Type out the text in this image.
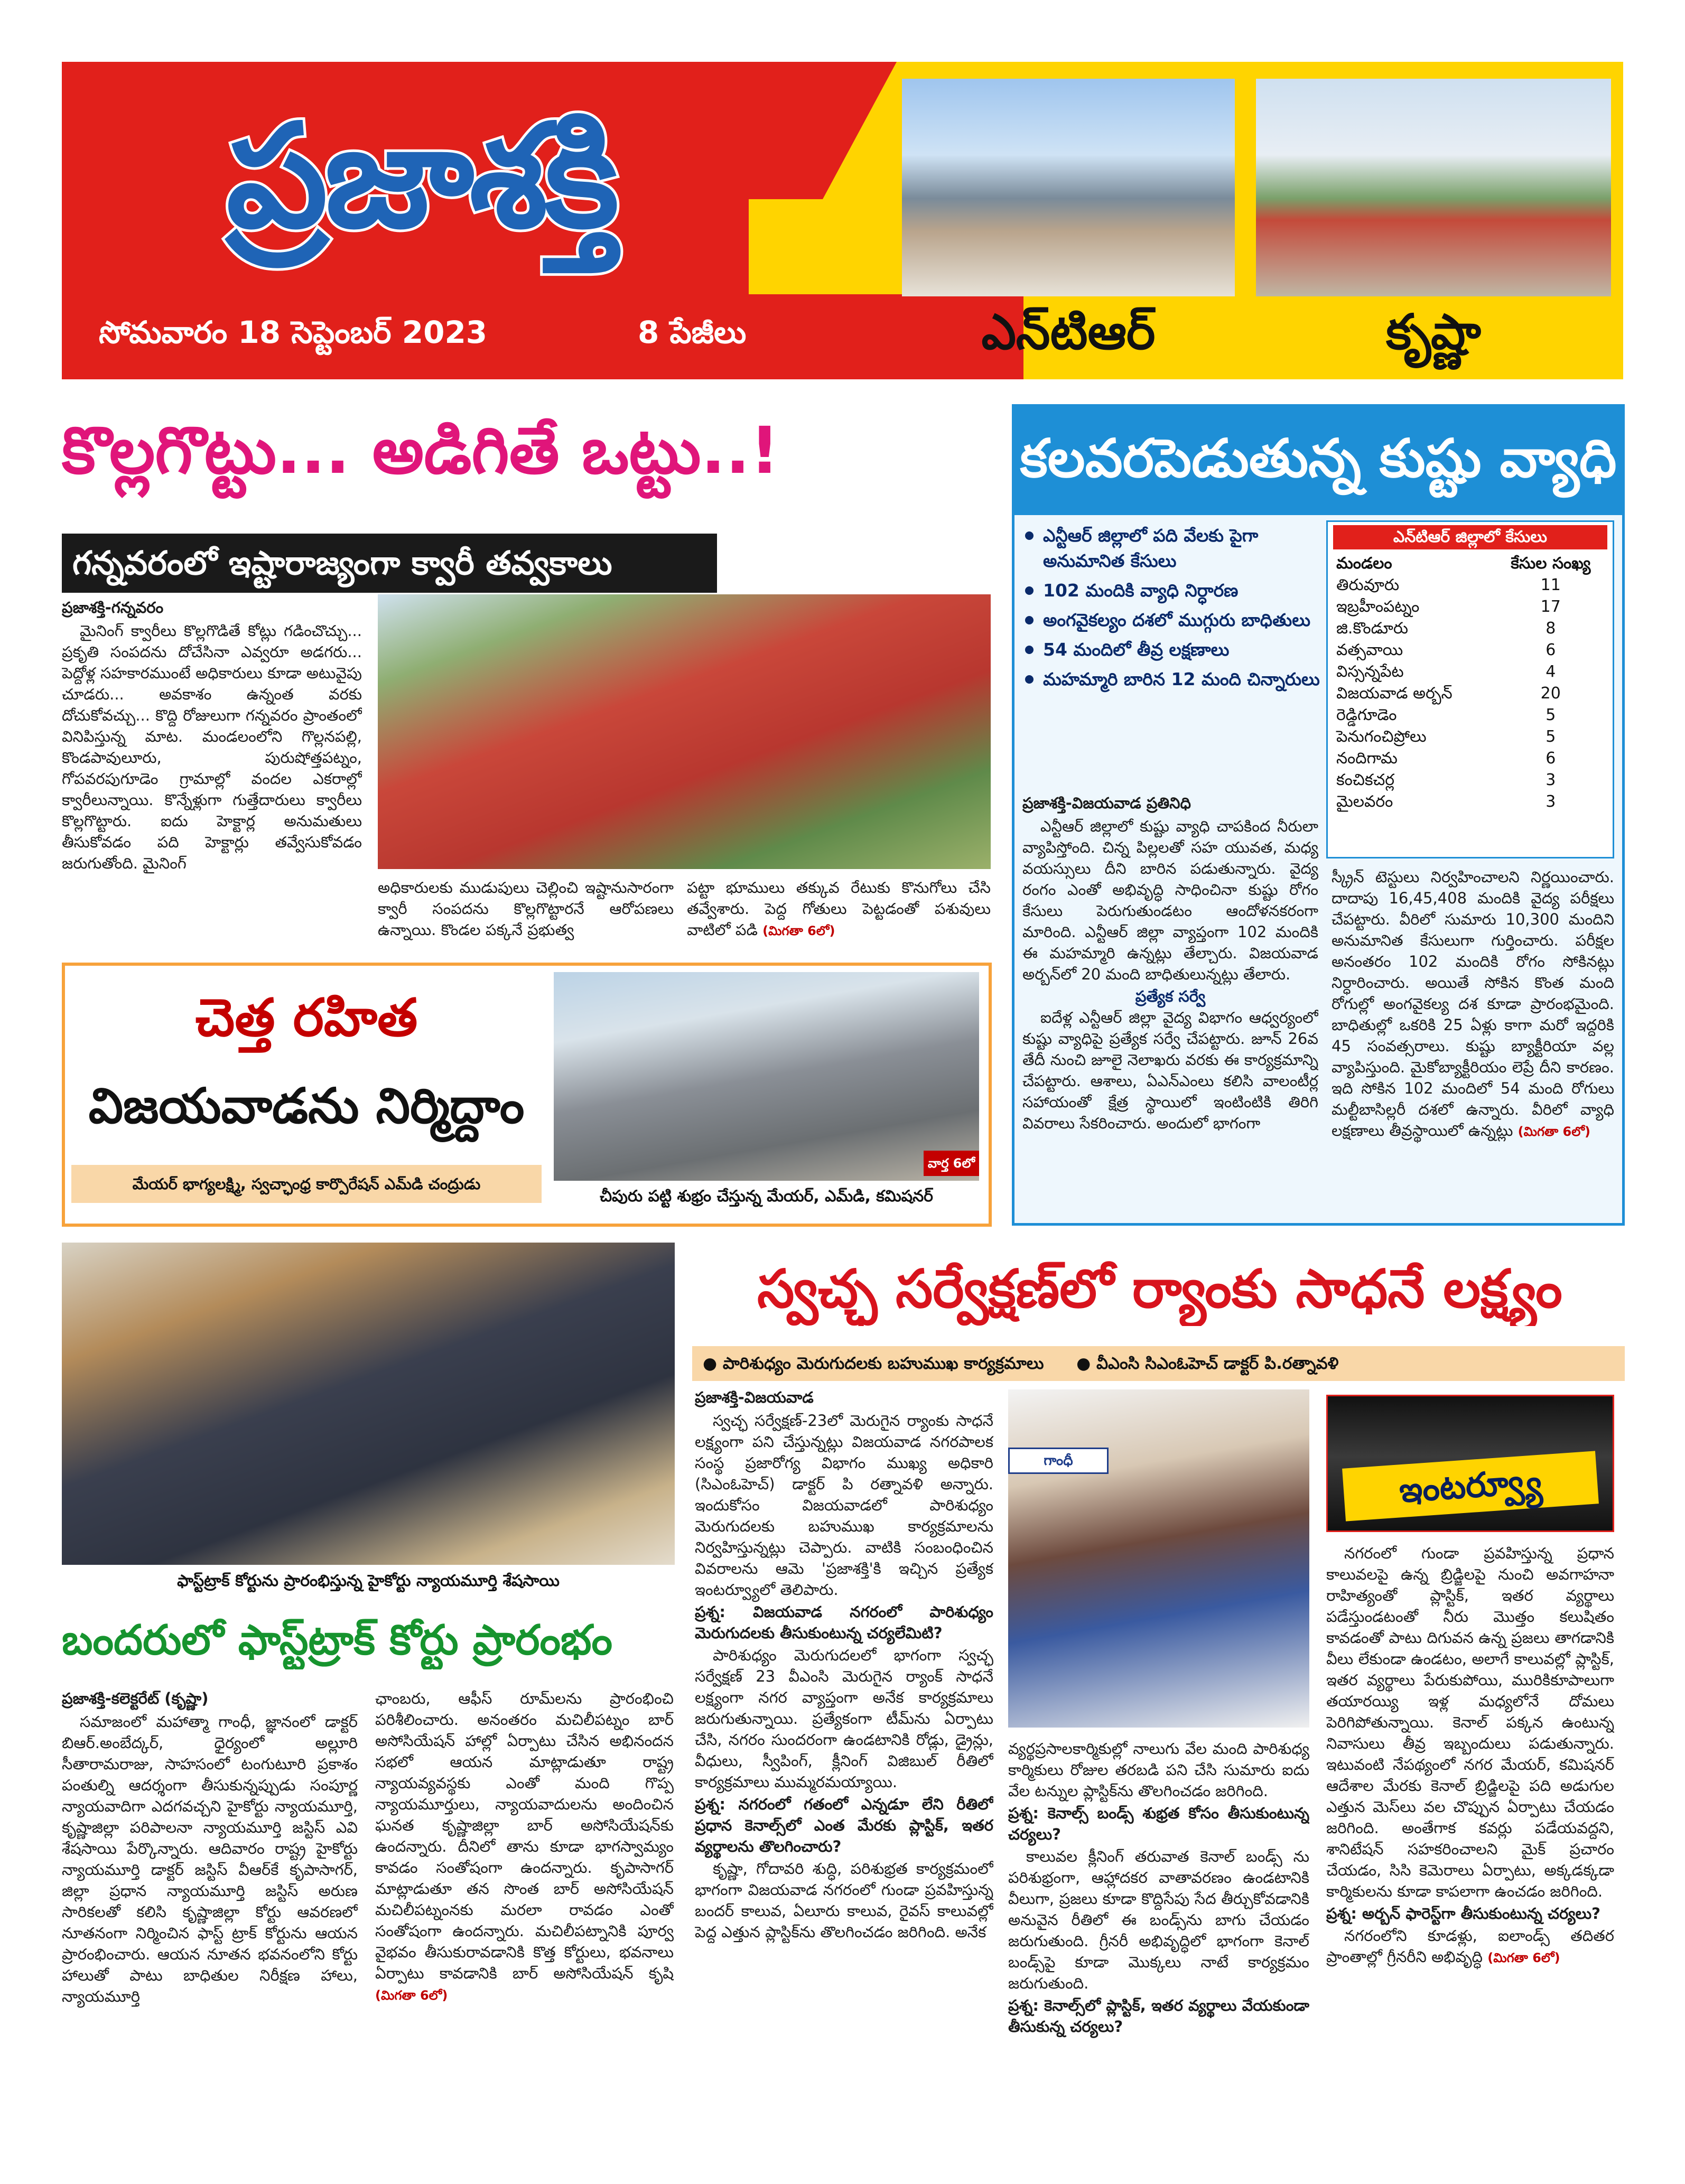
ప్రజాశక్తి
సోమవారం 18 సెప్టెంబర్ 2023	8 పేజీలు	ఎన్‌టిఆర్	కృష్ణా
కొల్లగొట్టు... అడిగితే ఒట్టు..!
గన్నవరంలో ఇష్టారాజ్యంగా క్వారీ తవ్వకాలు
ప్రజాశక్తి-గన్నవరం

మైనింగ్ క్వారీలు కొల్లగొడితే కోట్లు గడించొచ్చు... ప్రకృతి సంపదను దోచేసినా ఎవ్వరూ అడగరు... పెద్దోళ్ల సహకారముంటే అధికారులు కూడా అటువైపు చూడరు... అవకాశం ఉన్నంత వరకు దోచుకోవచ్చు... కొద్ది రోజులుగా గన్నవరం ప్రాంతంలో వినిపిస్తున్న మాట. మండలంలోని గొల్లనపల్లి, కొండపావులూరు, పురుషోత్తపట్నం, గోపవరపుగూడెం గ్రామాల్లో వందల ఎకరాల్లో క్వారీలున్నాయి. కొన్నేళ్లుగా గుత్తేదారులు క్వారీలు కొల్లగొట్టారు. ఐదు హెక్టార్ల అనుమతులు తీసుకోవడం పది హెక్టార్లు తవ్వేసుకోవడం జరుగుతోంది. మైనింగ్

అధికారులకు ముడుపులు చెల్లించి ఇష్టానుసారంగా క్వారీ సంపదను కొల్లగొట్టారనే ఆరోపణలు ఉన్నాయి. కొండల పక్కనే ప్రభుత్వ

పట్టా భూములు తక్కువ రేటుకు కొనుగోలు చేసి తవ్వేశారు. పెద్ద గోతులు పెట్టడంతో పశువులు వాటిలో పడి (మిగతా 6లో)

కలవరపెడుతున్న కుష్టు వ్యాధి
ఎన్టీఆర్ జిల్లాలో పది వేలకు పైగా అనుమానిత కేసులు
102 మందికి వ్యాధి నిర్ధారణ
అంగవైకల్యం దశలో ముగ్గురు బాధితులు
54 మందిలో తీవ్ర లక్షణాలు
మహమ్మారి బారిన 12 మంది చిన్నారులు
ఎన్‌టిఆర్ జిల్లాలో కేసులు
మండలం	కేసుల సంఖ్య
తిరువూరు	11
ఇబ్రహీంపట్నం	17
జి.కొండూరు	8
వత్సవాయి	6
విస్సన్నపేట	4
విజయవాడ అర్బన్	20
రెడ్డిగూడెం	5
పెనుగంచిప్రోలు	5
నందిగామ	6
కంచికచర్ల	3
మైలవరం	3
ప్రజాశక్తి-విజయవాడ ప్రతినిధి

ఎన్టీఆర్ జిల్లాలో కుష్టు వ్యాధి చాపకింద నీరులా వ్యాపిస్తోంది. చిన్న పిల్లలతో సహ యువత, మధ్య వయస్సులు దీని బారిన పడుతున్నారు. వైద్య రంగం ఎంతో అభివృద్ధి సాధించినా కుష్టు రోగం కేసులు పెరుగుతుండటం ఆందోళనకరంగా మారింది. ఎన్టీఆర్ జిల్లా వ్యాప్తంగా 102 మందికి ఈ మహమ్మారి ఉన్నట్లు తేల్చారు. విజయవాడ అర్బన్‌లో 20 మంది బాధితులున్నట్లు తేలారు.

ప్రత్యేక సర్వే

ఐదేళ్ల ఎన్టీఆర్ జిల్లా వైద్య విభాగం ఆధ్వర్యంలో కుష్టు వ్యాధిపై ప్రత్యేక సర్వే చేపట్టారు. జూన్ 26వ తేదీ నుంచి జూలై నెలాఖరు వరకు ఈ కార్యక్రమాన్ని చేపట్టారు. ఆశాలు, ఏఎన్ఎంలు కలిసి వాలంటీర్ల సహాయంతో క్షేత్ర స్థాయిలో ఇంటింటికి తిరిగి వివరాలు సేకరించారు. అందులో భాగంగా

స్క్రీన్ టెస్టులు నిర్వహించాలని నిర్ణయించారు. దాదాపు 16,45,408 మందికి వైద్య పరీక్షలు చేపట్టారు. వీరిలో సుమారు 10,300 మందిని అనుమానిత కేసులుగా గుర్తించారు. పరీక్షల అనంతరం 102 మందికి రోగం సోకినట్లు నిర్ధారించారు. అయితే సోకిన కొంత మంది రోగుల్లో అంగవైకల్య దశ కూడా ప్రారంభమైంది. బాధితుల్లో ఒకరికి 25 ఏళ్లు కాగా మరో ఇద్దరికి 45 సంవత్సరాలు. కుష్టు బ్యాక్టీరియా వల్ల వ్యాపిస్తుంది. మైకోబ్యాక్టీరియం లెప్రే దీని కారణం. ఇది సోకిన 102 మందిలో 54 మంది రోగులు మల్టీబాసిల్లరీ దశలో ఉన్నారు. వీరిలో వ్యాధి లక్షణాలు తీవ్రస్థాయిలో ఉన్నట్లు (మిగతా 6లో)

చెత్త రహిత
విజయవాడను నిర్మిద్దాం
మేయర్ భాగ్యలక్ష్మి, స్వచ్ఛాంధ్ర కార్పొరేషన్ ఎమ్‌డి చంద్రుడు
వార్త 6లో
చీపురు పట్టి శుభ్రం చేస్తున్న మేయర్, ఎమ్‌డి, కమిషనర్
ఫాస్ట్‌ట్రాక్ కోర్టును ప్రారంభిస్తున్న హైకోర్టు న్యాయమూర్తి శేషసాయి
బందరులో ఫాస్ట్‌ట్రాక్ కోర్టు ప్రారంభం
ప్రజాశక్తి-కలెక్టరేట్ (కృష్ణా)

సమాజంలో మహాత్మా గాంధీ, జ్ఞానంలో డాక్టర్ బిఆర్.అంబేద్కర్, ధైర్యంలో అల్లూరి సీతారామరాజు, సాహసంలో టంగుటూరి ప్రకాశం పంతుల్ని ఆదర్శంగా తీసుకున్నప్పుడు సంపూర్ణ న్యాయవాదిగా ఎదగవచ్చని హైకోర్టు న్యాయమూర్తి, కృష్ణాజిల్లా పరిపాలనా న్యాయమూర్తి జస్టిస్ ఎవి శేషసాయి పేర్కొన్నారు. ఆదివారం రాష్ట్ర హైకోర్టు న్యాయమూర్తి డాక్టర్ జస్టిస్ వీఆర్‌కే కృపాసాగర్, జిల్లా ప్రధాన న్యాయమూర్తి జస్టిస్ అరుణ సారికలతో కలిసి కృష్ణాజిల్లా కోర్టు ఆవరణలో నూతనంగా నిర్మించిన ఫాస్ట్ ట్రాక్ కోర్టును ఆయన ప్రారంభించారు. ఆయన నూతన భవనంలోని కోర్టు హాలుతో పాటు బాధితుల నిరీక్షణ హాలు, న్యాయమూర్తి

ఛాంబరు, ఆఫీస్ రూమ్‌లను ప్రారంభించి పరిశీలించారు. అనంతరం మచిలీపట్నం బార్ అసోసియేషన్ హాల్లో ఏర్పాటు చేసిన అభినందన సభలో ఆయన మాట్లాడుతూ రాష్ట్ర న్యాయవ్యవస్థకు ఎంతో మంది గొప్ప న్యాయమూర్తులు, న్యాయవాదులను అందించిన ఘనత కృష్ణాజిల్లా బార్ అసోసియేషన్‌కు ఉందన్నారు. దీనిలో తాను కూడా భాగస్వామ్యం కావడం సంతోషంగా ఉందన్నారు. కృపాసాగర్ మాట్లాడుతూ తన సొంత బార్ అసోసియేషన్ మచిలీపట్నంనకు మరలా రావడం ఎంతో సంతోషంగా ఉందన్నారు. మచిలీపట్నానికి పూర్వ వైభవం తీసుకురావడానికి కొత్త కోర్టులు, భవనాలు ఏర్పాటు కావడానికి బార్ అసోసియేషన్ కృషి (మిగతా 6లో)

స్వచ్ఛ సర్వేక్షణ్‌లో ర్యాంకు సాధనే లక్ష్యం
● పారిశుధ్యం మెరుగుదలకు బహుముఖ కార్యక్రమాలు ● వీఎంసి సిఎంఓహెచ్ డాక్టర్ పి.రత్నావళి
గాంధీ
ఇంటర్వ్యూ
ప్రజాశక్తి-విజయవాడ

స్వచ్ఛ సర్వేక్షణ్-23లో మెరుగైన ర్యాంకు సాధనే లక్ష్యంగా పని చేస్తున్నట్లు విజయవాడ నగరపాలక సంస్థ ప్రజారోగ్య విభాగం ముఖ్య అధికారి (సిఎంఓహెచ్) డాక్టర్ పి రత్నావళి అన్నారు. ఇందుకోసం విజయవాడలో పారిశుధ్యం మెరుగుదలకు బహుముఖ కార్యక్రమాలను నిర్వహిస్తున్నట్లు చెప్పారు. వాటికి సంబంధించిన వివరాలను ఆమె 'ప్రజాశక్తి'కి ఇచ్చిన ప్రత్యేక ఇంటర్వ్యూలో తెలిపారు.

ప్రశ్న: విజయవాడ నగరంలో పారిశుధ్యం మెరుగుదలకు తీసుకుంటున్న చర్యలేమిటి?

పారిశుధ్యం మెరుగుదలలో భాగంగా స్వచ్ఛ సర్వేక్షణ్ 23 వీఎంసి మెరుగైన ర్యాంక్ సాధనే లక్ష్యంగా నగర వ్యాప్తంగా అనేక కార్యక్రమాలు జరుగుతున్నాయి. ప్రత్యేకంగా టీమ్‌ను ఏర్పాటు చేసి, నగరం సుందరంగా ఉండటానికి రోడ్లు, డ్రైన్లు, వీధులు, స్వీపింగ్, క్లీనింగ్ విజిబుల్ రీతిలో కార్యక్రమాలు ముమ్మరమయ్యాయి.

ప్రశ్న: నగరంలో గతంలో ఎన్నడూ లేని రీతిలో ప్రధాన కెనాల్స్‌లో ఎంత మేరకు ప్లాస్టిక్, ఇతర వ్యర్థాలను తొలగించారు?

కృష్ణా, గోదావరి శుద్ధి, పరిశుభ్రత కార్యక్రమంలో భాగంగా విజయవాడ నగరంలో గుండా ప్రవహిస్తున్న బందర్ కాలువ, ఏలూరు కాలువ, రైవస్ కాలువల్లో పెద్ద ఎత్తున ప్లాస్టిక్‌ను తొలగించడం జరిగింది. అనేక

వ్యర్థప్రసాలకార్మికుల్లో నాలుగు వేల మంది పారిశుధ్య కార్మికులు రోజుల తరబడి పని చేసి సుమారు ఐదు వేల టన్నుల ప్లాస్టిక్‌ను తొలగించడం జరిగింది.

ప్రశ్న: కెనాల్స్ బండ్స్ శుభ్రత కోసం తీసుకుంటున్న చర్యలు?

కాలువల క్లీనింగ్ తరువాత కెనాల్ బండ్స్ ను పరిశుభ్రంగా, ఆహ్లాదకర వాతావరణం ఉండటానికి వీలుగా, ప్రజలు కూడా కొద్దిసేపు సేద తీర్చుకోవడానికి అనువైన రీతిలో ఈ బండ్స్‌ను బాగు చేయడం జరుగుతుంది. గ్రీనరీ అభివృద్ధిలో భాగంగా కెనాల్ బండ్స్‌పై కూడా మొక్కలు నాటే కార్యక్రమం జరుగుతుంది.

ప్రశ్న: కెనాల్స్‌లో ప్లాస్టిక్, ఇతర వ్యర్థాలు వేయకుండా తీసుకున్న చర్యలు?

నగరంలో గుండా ప్రవహిస్తున్న ప్రధాన కాలువలపై ఉన్న బ్రిడ్జిలపై నుంచి అవగాహనా రాహిత్యంతో ప్లాస్టిక్, ఇతర వ్యర్థాలు పడేస్తుండటంతో నీరు మొత్తం కలుషితం కావడంతో పాటు దిగువన ఉన్న ప్రజలు తాగడానికి వీలు లేకుండా ఉండటం, అలాగే కాలువల్లో ప్లాస్టిక్, ఇతర వ్యర్థాలు పేరుకుపోయి, మురికికూపాలుగా తయారయ్యి ఇళ్ల మధ్యలోనే దోమలు పెరిగిపోతున్నాయి. కెనాల్ పక్కన ఉంటున్న నివాసులు తీవ్ర ఇబ్బందులు పడుతున్నారు. ఇటువంటి నేపథ్యంలో నగర మేయర్, కమిషనర్ ఆదేశాల మేరకు కెనాల్ బ్రిడ్జిలపై పది అడుగుల ఎత్తున మెస్‌లు వల చొప్పున ఏర్పాటు చేయడం జరిగింది. అంతేగాక కవర్లు పడేయవద్దని, శానిటేషన్ సహకరించాలని మైక్ ప్రచారం చేయడం, సిసి కెమెరాలు ఏర్పాటు, అక్కడక్కడా కార్మికులను కూడా కాపలాగా ఉంచడం జరిగింది.

ప్రశ్న: అర్బన్ ఫారెస్ట్‌గా తీసుకుంటున్న చర్యలు?

నగరంలోని కూడళ్లు, ఐలాండ్స్ తదితర ప్రాంతాల్లో గ్రీనరీని అభివృద్ధి (మిగతా 6లో)
